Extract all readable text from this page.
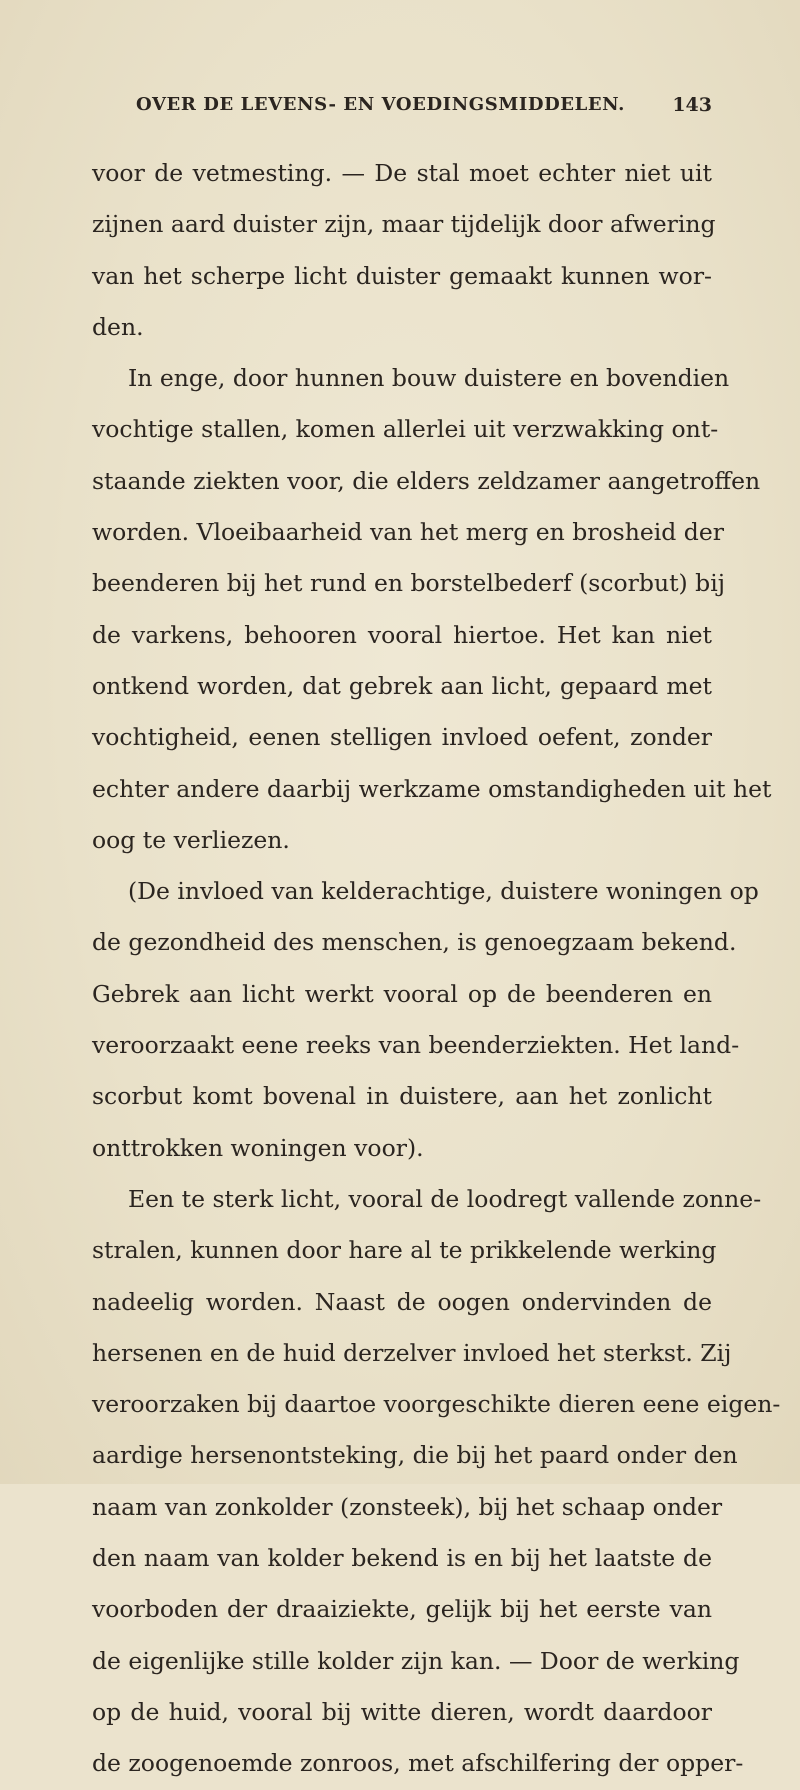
OVER DE LEVENS- EN VOEDINGSMIDDELEN. 143
voor de vetmesting. — De stal moet echter niet uit
zijnen aard duister zijn, maar tijdelijk door afwering
van het scherpe licht duister gemaakt kunnen wor-
den.
In enge, door hunnen bouw duistere en bovendien
vochtige stallen, komen allerlei uit verzwakking ont-
staande ziekten voor, die elders zeldzamer aangetroffen
worden. Vloeibaarheid van het merg en brosheid der
beenderen bij het rund en borstelbederf (scorbut) bij
de varkens, behooren vooral hiertoe. Het kan niet
ontkend worden, dat gebrek aan licht, gepaard met
vochtigheid, eenen stelligen invloed oefent, zonder
echter andere daarbij werkzame omstandigheden uit het
oog te verliezen.
(De invloed van kelderachtige, duistere woningen op
de gezondheid des menschen, is genoegzaam bekend.
Gebrek aan licht werkt vooral op de beenderen en
veroorzaakt eene reeks van beenderziekten. Het land-
scorbut komt bovenal in duistere, aan het zonlicht
onttrokken woningen voor).
Een te sterk licht, vooral de loodregt vallende zonne-
stralen, kunnen door hare al te prikkelende werking
nadeelig worden. Naast de oogen ondervinden de
hersenen en de huid derzelver invloed het sterkst. Zij
veroorzaken bij daartoe voorgeschikte dieren eene eigen-
aardige hersenontsteking, die bij het paard onder den
naam van zonkolder (zonsteek), bij het schaap onder
den naam van kolder bekend is en bij het laatste de
voorboden der draaiziekte, gelijk bij het eerste van
de eigenlijke stille kolder zijn kan. — Door de werking
op de huid, vooral bij witte dieren, wordt daardoor
de zoogenoemde zonroos, met afschilfering der opper-
